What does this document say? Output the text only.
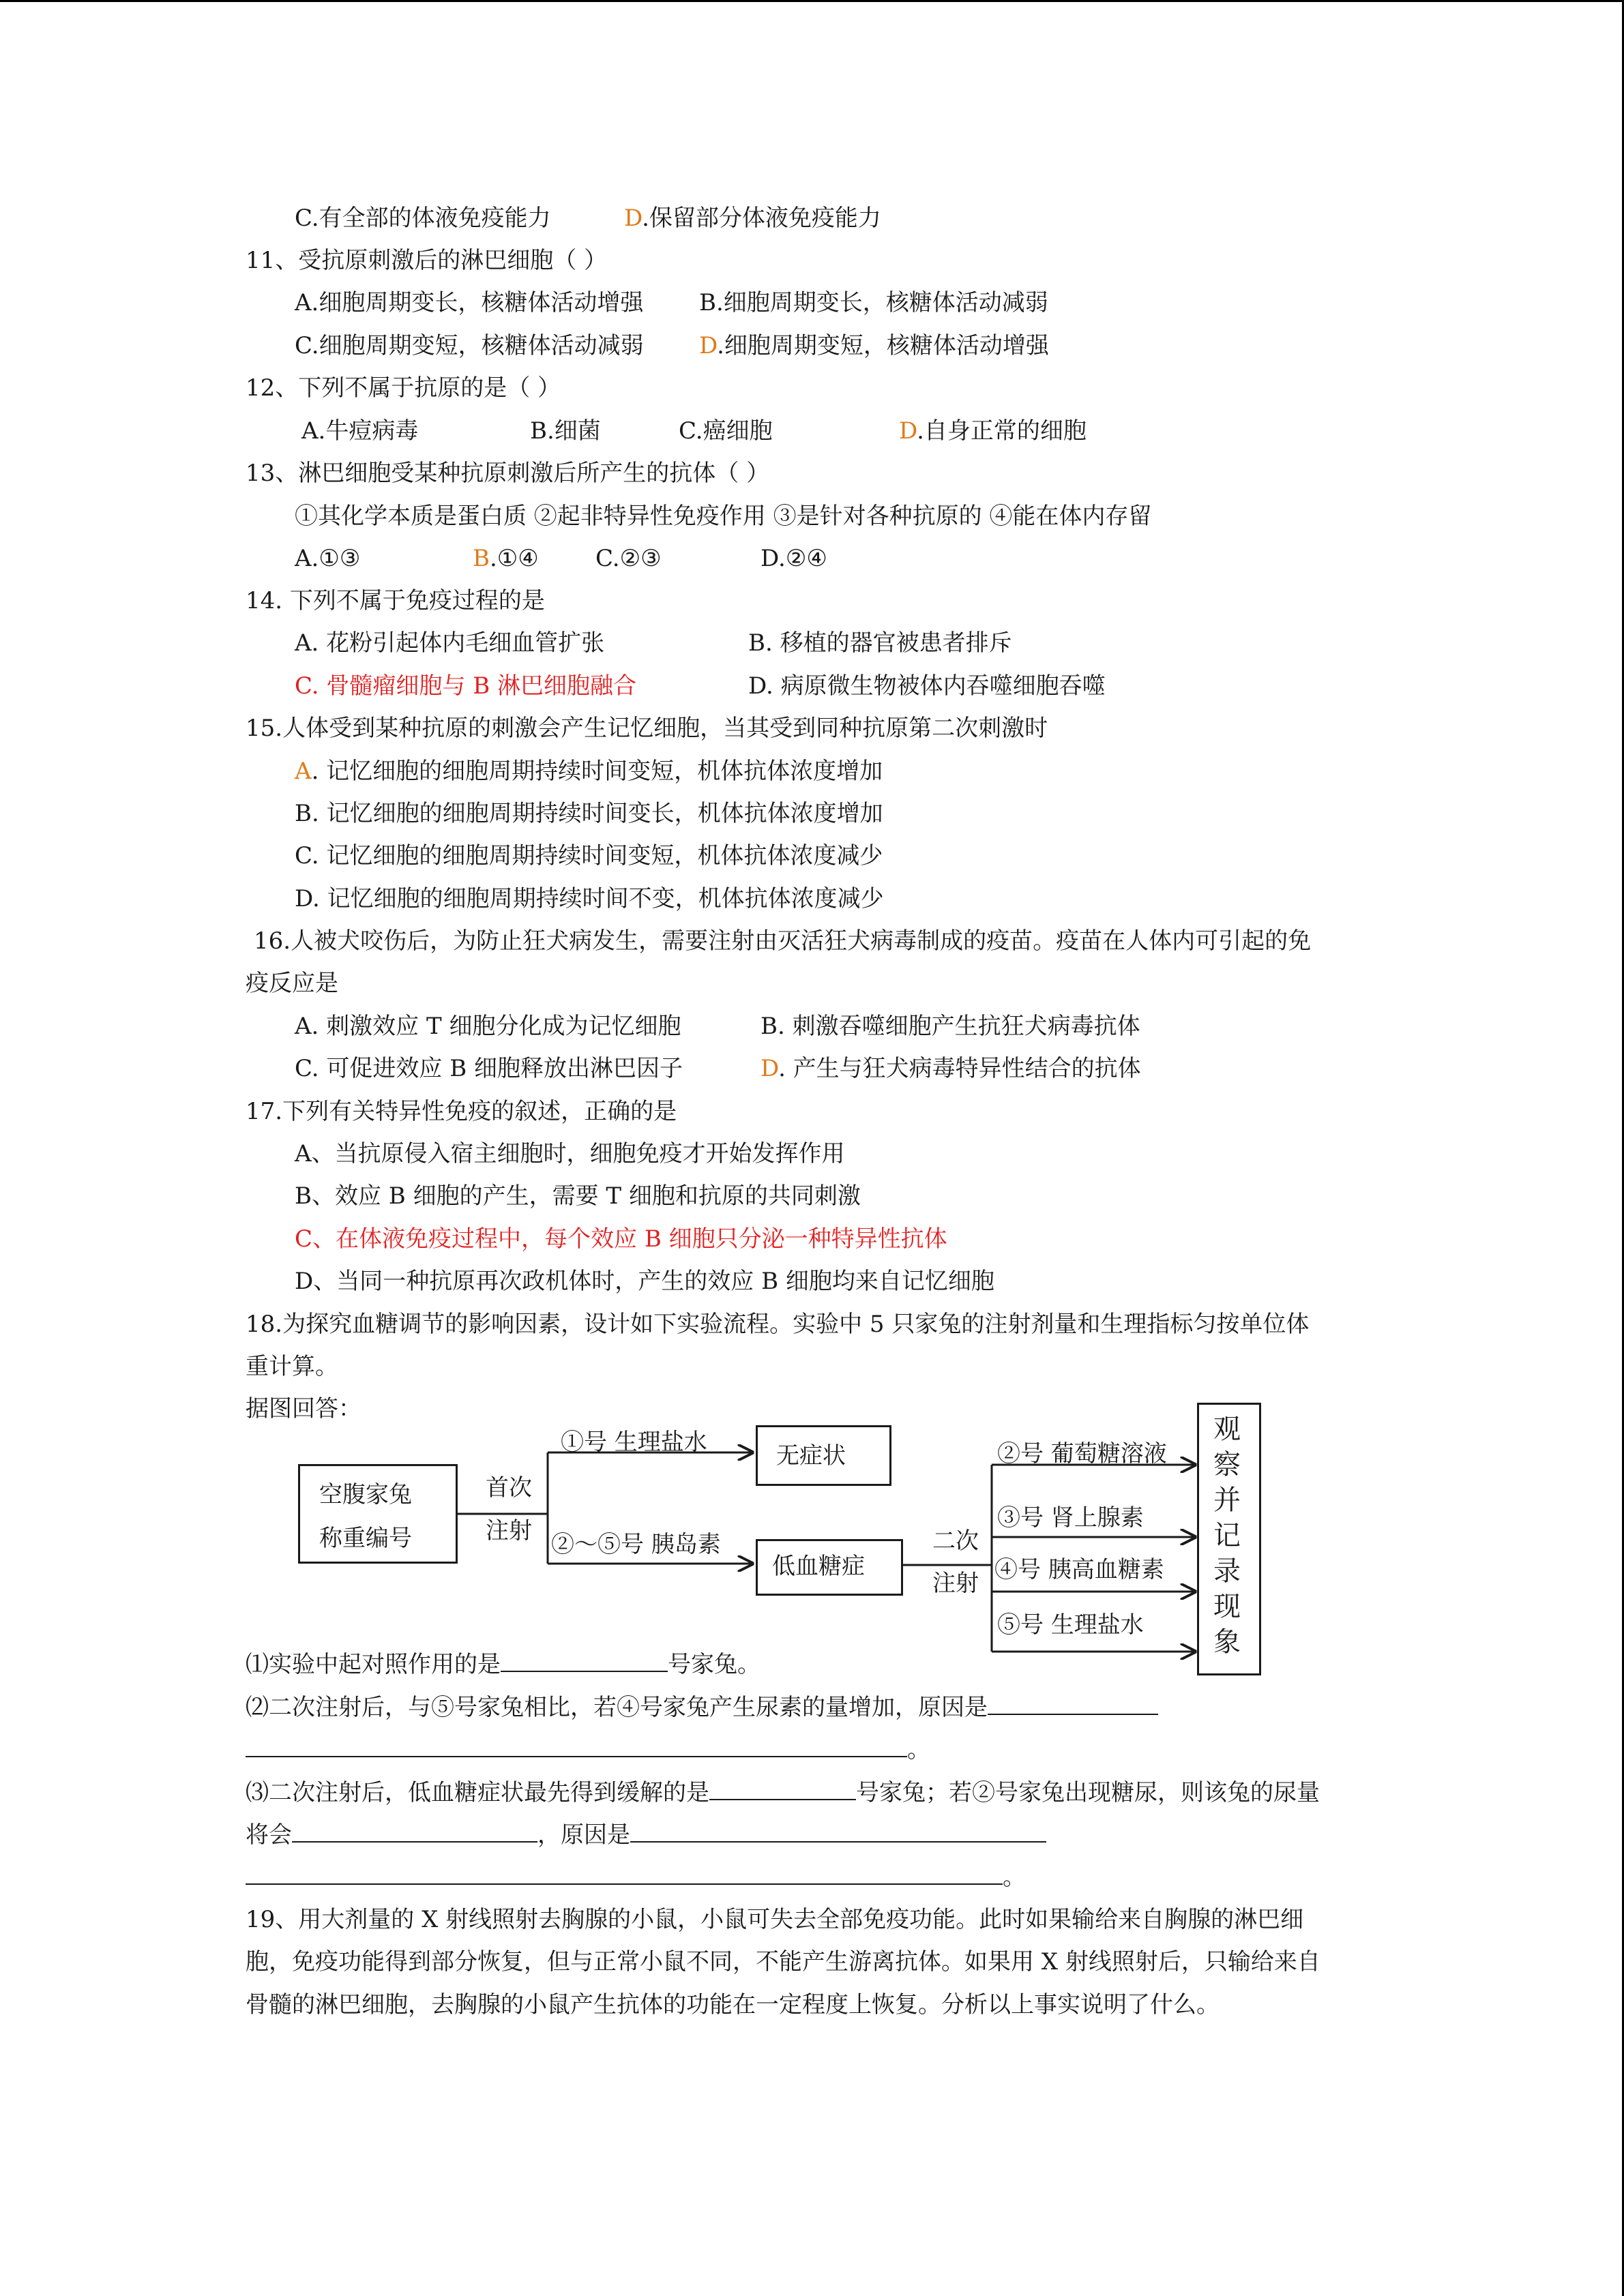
C.有全部的体液免疫能力	D.保留部分体液免疫能力
11、受抗原刺激后的淋巴细胞（ ）
A.细胞周期变长，核糖体活动增强 B.细胞周期变长，核糖体活动减弱
C.细胞周期变短，核糖体活动减弱 D.细胞周期变短，核糖体活动增强
12、下列不属于抗原的是（ ）
A.牛痘病毒	B.细菌	C.癌细胞	D.自身正常的细胞
13、淋巴细胞受某种抗原刺激后所产生的抗体（ ）
①其化学本质是蛋白质 ②起非特异性免疫作用 ③是针对各种抗原的 ④能在体内存留
A.①③	B.①④ C.②③	D.②④
14. 下列不属于免疫过程的是
A. 花粉引起体内毛细血管扩张	B. 移植的器官被患者排斥
C. 骨髓瘤细胞与 B 淋巴细胞融合	D. 病原微生物被体内吞噬细胞吞噬
15.人体受到某种抗原的刺激会产生记忆细胞，当其受到同种抗原第二次刺激时
A. 记忆细胞的细胞周期持续时间变短，机体抗体浓度增加
B. 记忆细胞的细胞周期持续时间变长，机体抗体浓度增加
C. 记忆细胞的细胞周期持续时间变短，机体抗体浓度减少
D. 记忆细胞的细胞周期持续时间不变，机体抗体浓度减少
16.人被犬咬伤后，为防止狂犬病发生，需要注射由灭活狂犬病毒制成的疫苗。疫苗在人体内可引起的免
疫反应是
A. 刺激效应 T 细胞分化成为记忆细胞	B. 刺激吞噬细胞产生抗狂犬病毒抗体
C. 可促进效应 B 细胞释放出淋巴因子	D. 产生与狂犬病毒特异性结合的抗体
17.下列有关特异性免疫的叙述，正确的是
A、当抗原侵入宿主细胞时，细胞免疫才开始发挥作用
B、效应 B 细胞的产生，需要 T 细胞和抗原的共同刺激
C、在体液免疫过程中，每个效应 B 细胞只分泌一种特异性抗体
D、当同一种抗原再次政机体时，产生的效应 B 细胞均来自记忆细胞
18.为探究血糖调节的影响因素，设计如下实验流程。实验中 5 只家兔的注射剂量和生理指标匀按单位体
重计算。
据图回答：
空腹家兔
称重编号
首次
注射
①号 生理盐水	无症状
②～⑤号 胰岛素
低血糖症
二次
注射
②号 葡萄糖溶液
③号 肾上腺素
④号 胰高血糖素
⑤号 生理盐水
观
察
并
记
录
现
象
⑴实验中起对照作用的是	号家兔。
⑵二次注射后，与⑤号家兔相比，若④号家兔产生尿素的量增加，原因是
。
⑶二次注射后，低血糖症状最先得到缓解的是	号家兔；若②号家兔出现糖尿，则该兔的尿量
将会	，原因是
。
19、用大剂量的 X 射线照射去胸腺的小鼠，小鼠可失去全部免疫功能。此时如果输给来自胸腺的淋巴细
胞，免疫功能得到部分恢复，但与正常小鼠不同，不能产生游离抗体。如果用 X 射线照射后，只输给来自
骨髓的淋巴细胞，去胸腺的小鼠产生抗体的功能在一定程度上恢复。分析以上事实说明了什么。
